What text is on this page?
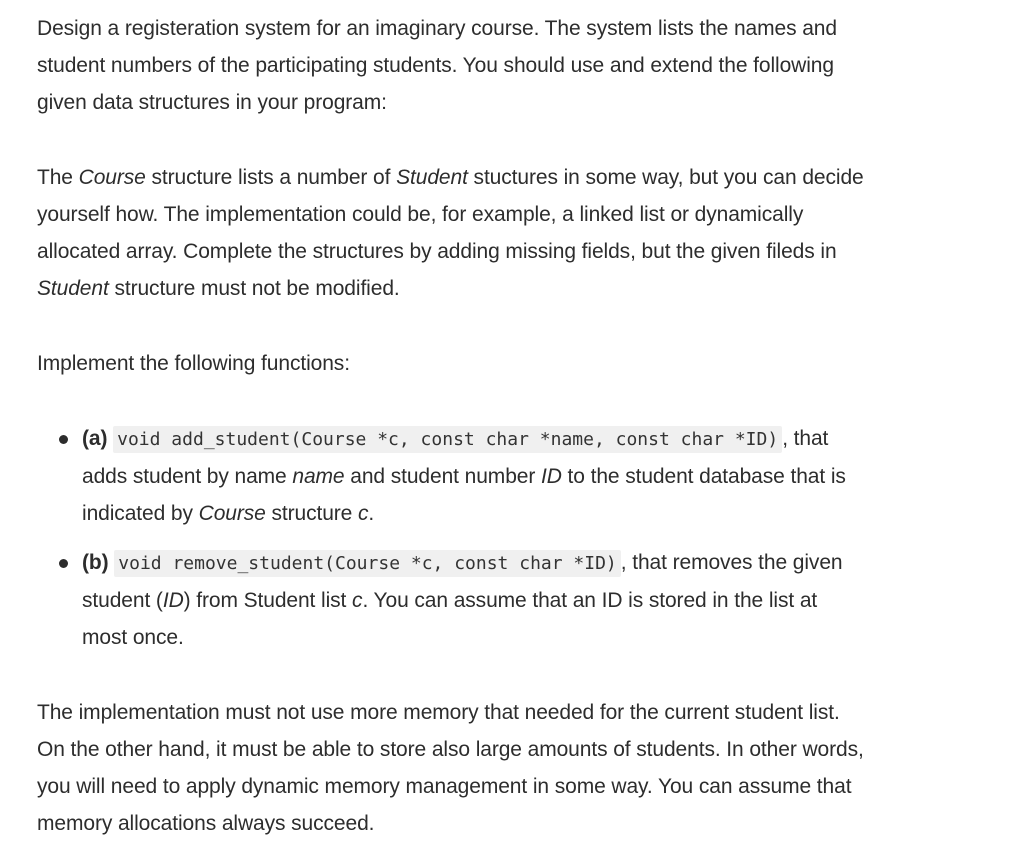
Design a registeration system for an imaginary course. The system lists the names and student numbers of the participating students. You should use and extend the following given data structures in your program:

The Course structure lists a number of Student stuctures in some way, but you can decide yourself how. The implementation could be, for example, a linked list or dynamically allocated array. Complete the structures by adding missing fields, but the given fileds in Student structure must not be modified.

Implement the following functions:

(a) void add_student(Course *c, const char *name, const char *ID) , that adds student by name name and student number ID to the student database that is indicated by Course structure c.
(b) void remove_student(Course *c, const char *ID) , that removes the given student (ID) from Student list c. You can assume that an ID is stored in the list at most once.

The implementation must not use more memory that needed for the current student list. On the other hand, it must be able to store also large amounts of students. In other words, you will need to apply dynamic memory management in some way. You can assume that memory allocations always succeed.
